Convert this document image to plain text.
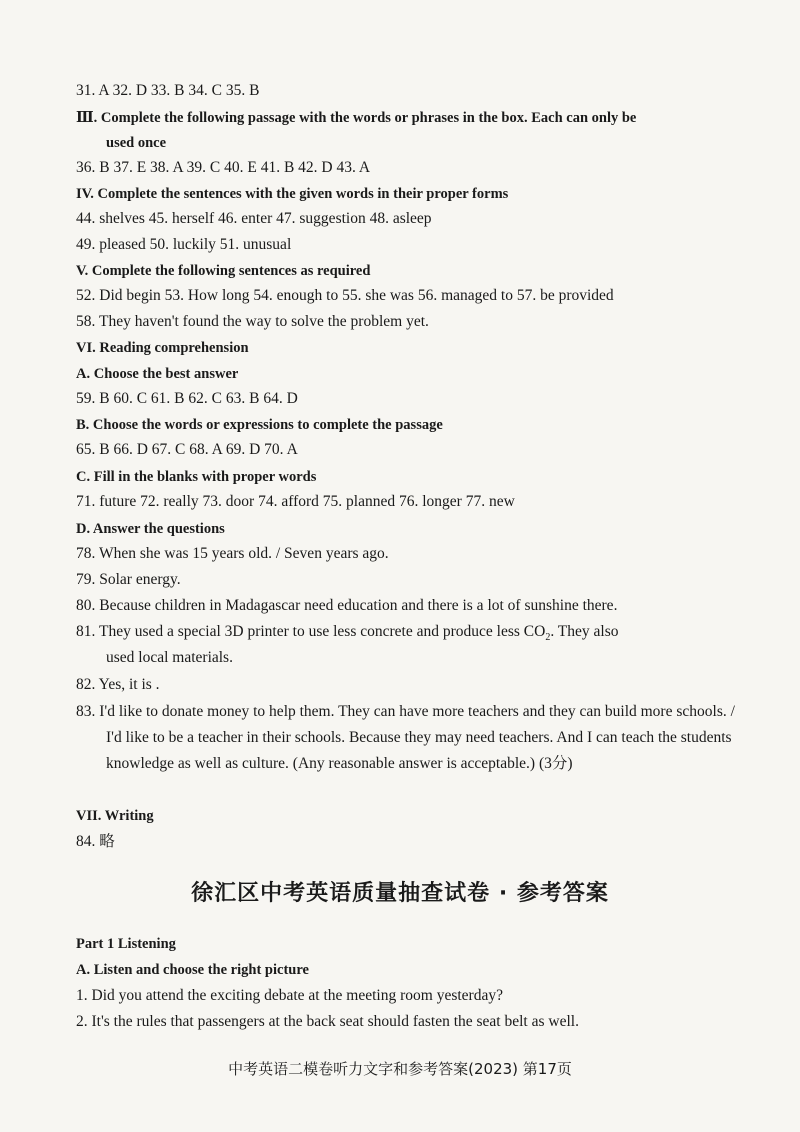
31. A 32. D 33. B 34. C 35. B
Ⅲ. Complete the following passage with the words or phrases in the box. Each can only be
used once
36. B 37. E 38. A 39. C 40. E 41. B 42. D 43. A
IV. Complete the sentences with the given words in their proper forms
44. shelves 45. herself 46. enter 47. suggestion 48. asleep
49. pleased 50. luckily 51. unusual
V. Complete the following sentences as required
52. Did begin 53. How long 54. enough to 55. she was 56. managed to 57. be provided
58. They haven't found the way to solve the problem yet.
VI. Reading comprehension
A. Choose the best answer
59. B 60. C 61. B 62. C 63. B 64. D
B. Choose the words or expressions to complete the passage
65. B 66. D 67. C 68. A 69. D 70. A
C. Fill in the blanks with proper words
71. future 72. really 73. door 74. afford 75. planned 76. longer 77. new
D. Answer the questions
78. When she was 15 years old. / Seven years ago.
79. Solar energy.
80. Because children in Madagascar need education and there is a lot of sunshine there.
81. They used a special 3D printer to use less concrete and produce less $CO_2$. They also
used local materials.
82. Yes, it is .
83. I'd like to donate money to help them. They can have more teachers and they can build more schools. / I'd like to be a teacher in their schools. Because they may need teachers. And I can teach the students knowledge as well as culture. (Any reasonable answer is acceptable.) (3分)
VII. Writing
84. 略
徐汇区中考英语质量抽查试卷 · 参考答案
Part 1 Listening
A. Listen and choose the right picture
1. Did you attend the exciting debate at the meeting room yesterday?
2. It's the rules that passengers at the back seat should fasten the seat belt as well.
中考英语二模卷听力文字和参考答案(2023) 第17页
